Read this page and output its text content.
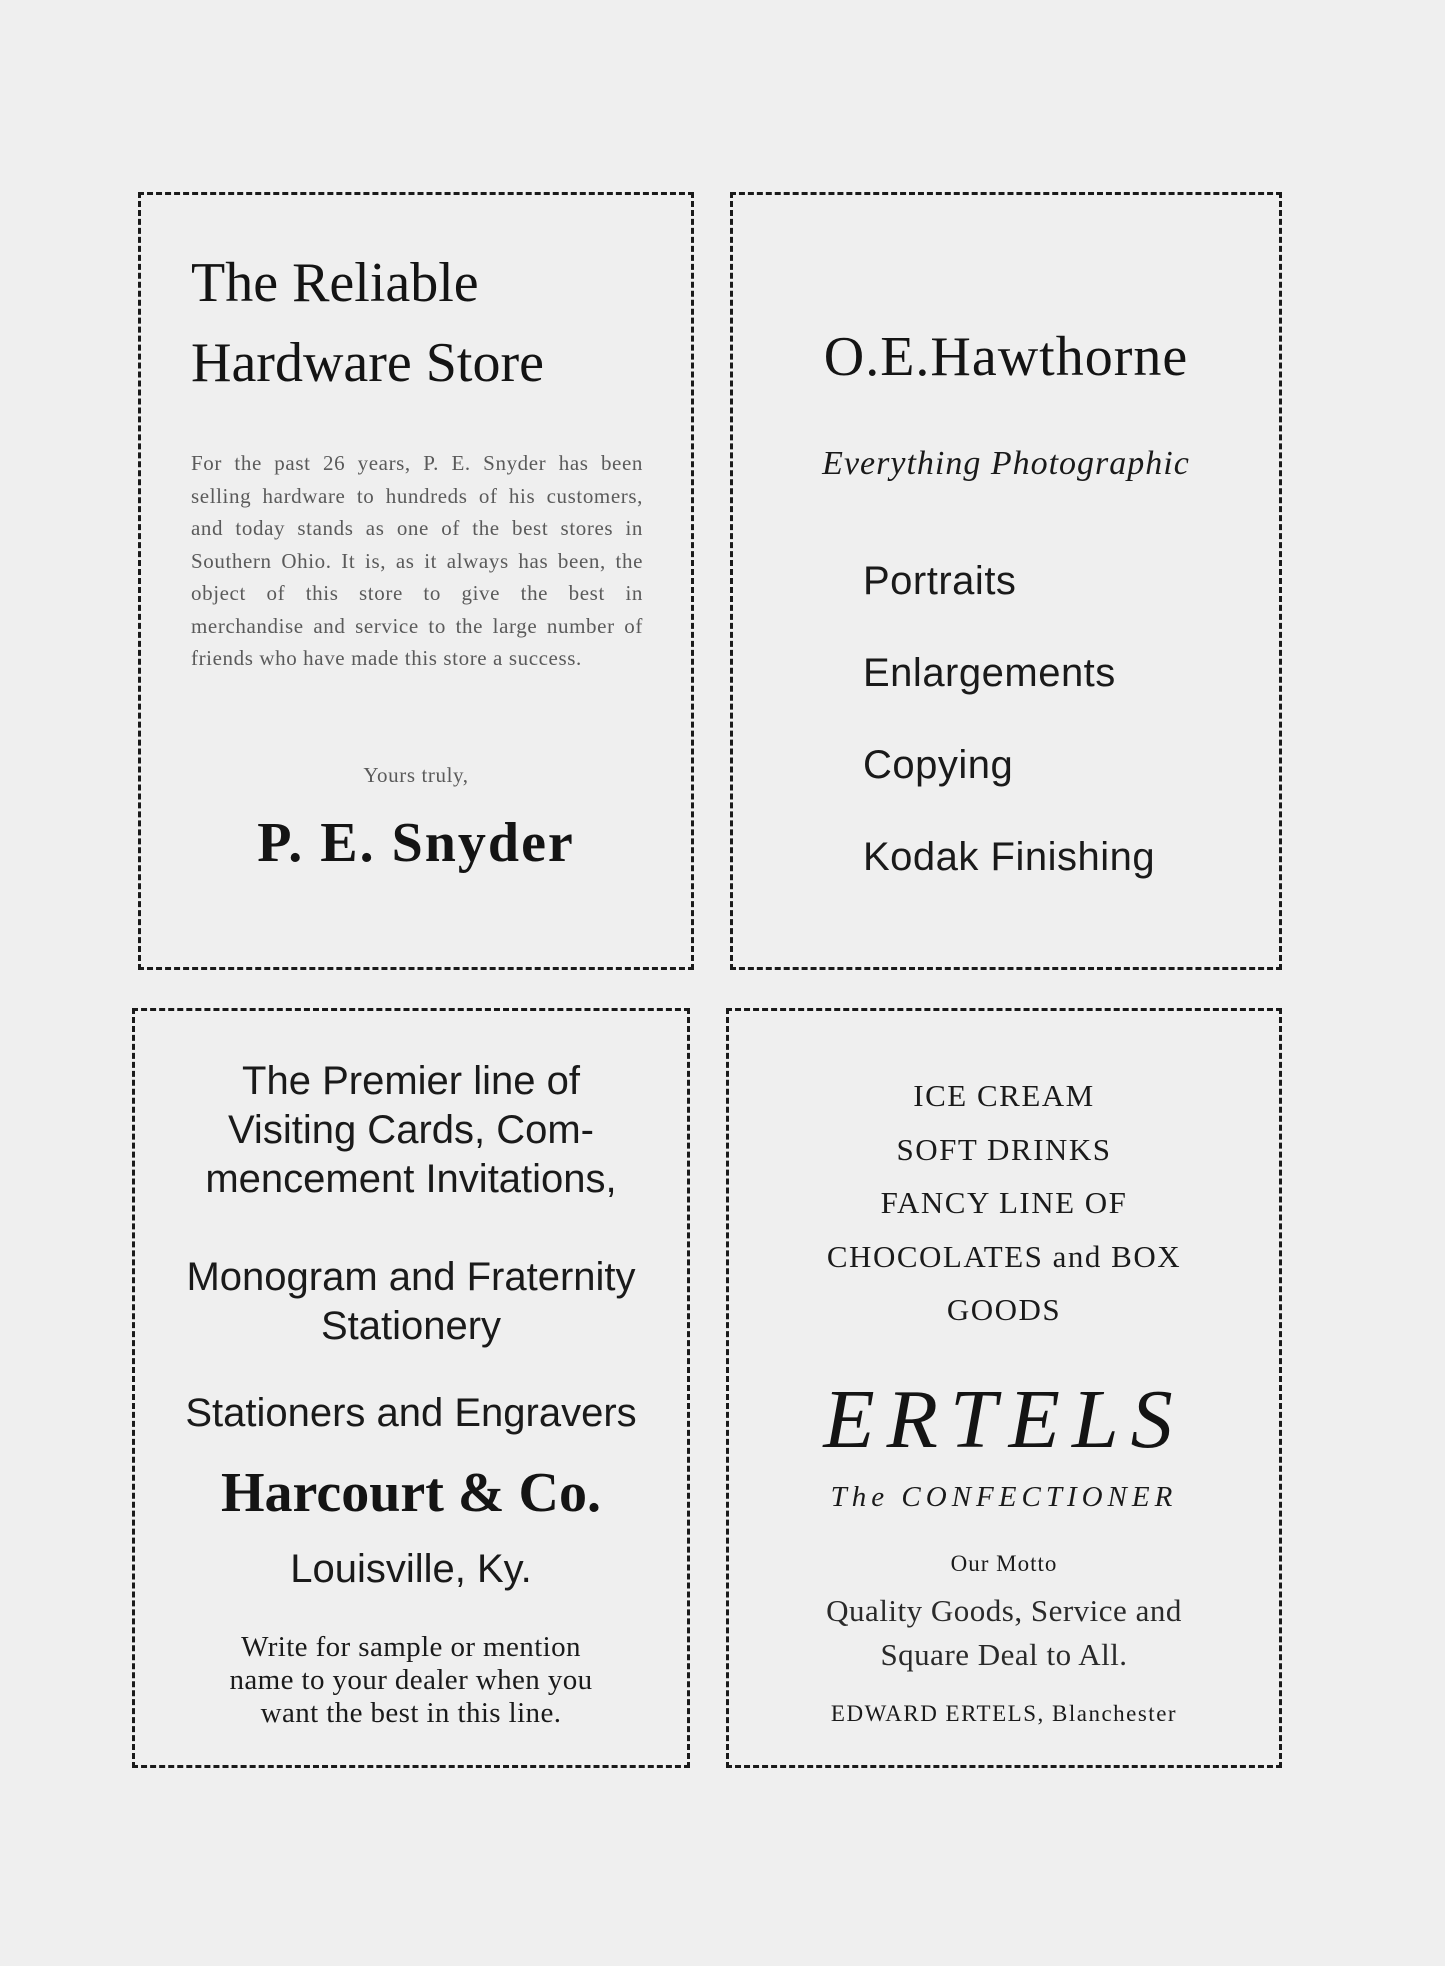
The Reliable
Hardware Store

For the past 26 years, P. E. Snyder has been selling hardware to hundreds of his customers, and today stands as one of the best stores in Southern Ohio. It is, as it always has been, the object of this store to give the best in merchandise and service to the large number of friends who have made this store a success.

Yours truly,
P. E. Snyder
O.E.Hawthorne
Everything Photographic
Portraits
Enlargements
Copying
Kodak Finishing
The Premier line of
Visiting Cards, Com-
mencement Invitations,
Monogram and Fraternity
Stationery
Stationers and Engravers
Harcourt & Co.
Louisville, Ky.
Write for sample or mention
name to your dealer when you
want the best in this line.
ICE CREAM
SOFT DRINKS
FANCY LINE OF
CHOCOLATES and BOX
GOODS
ERTELS
The CONFECTIONER
Our Motto
Quality Goods, Service and
Square Deal to All.
EDWARD ERTELS, Blanchester
